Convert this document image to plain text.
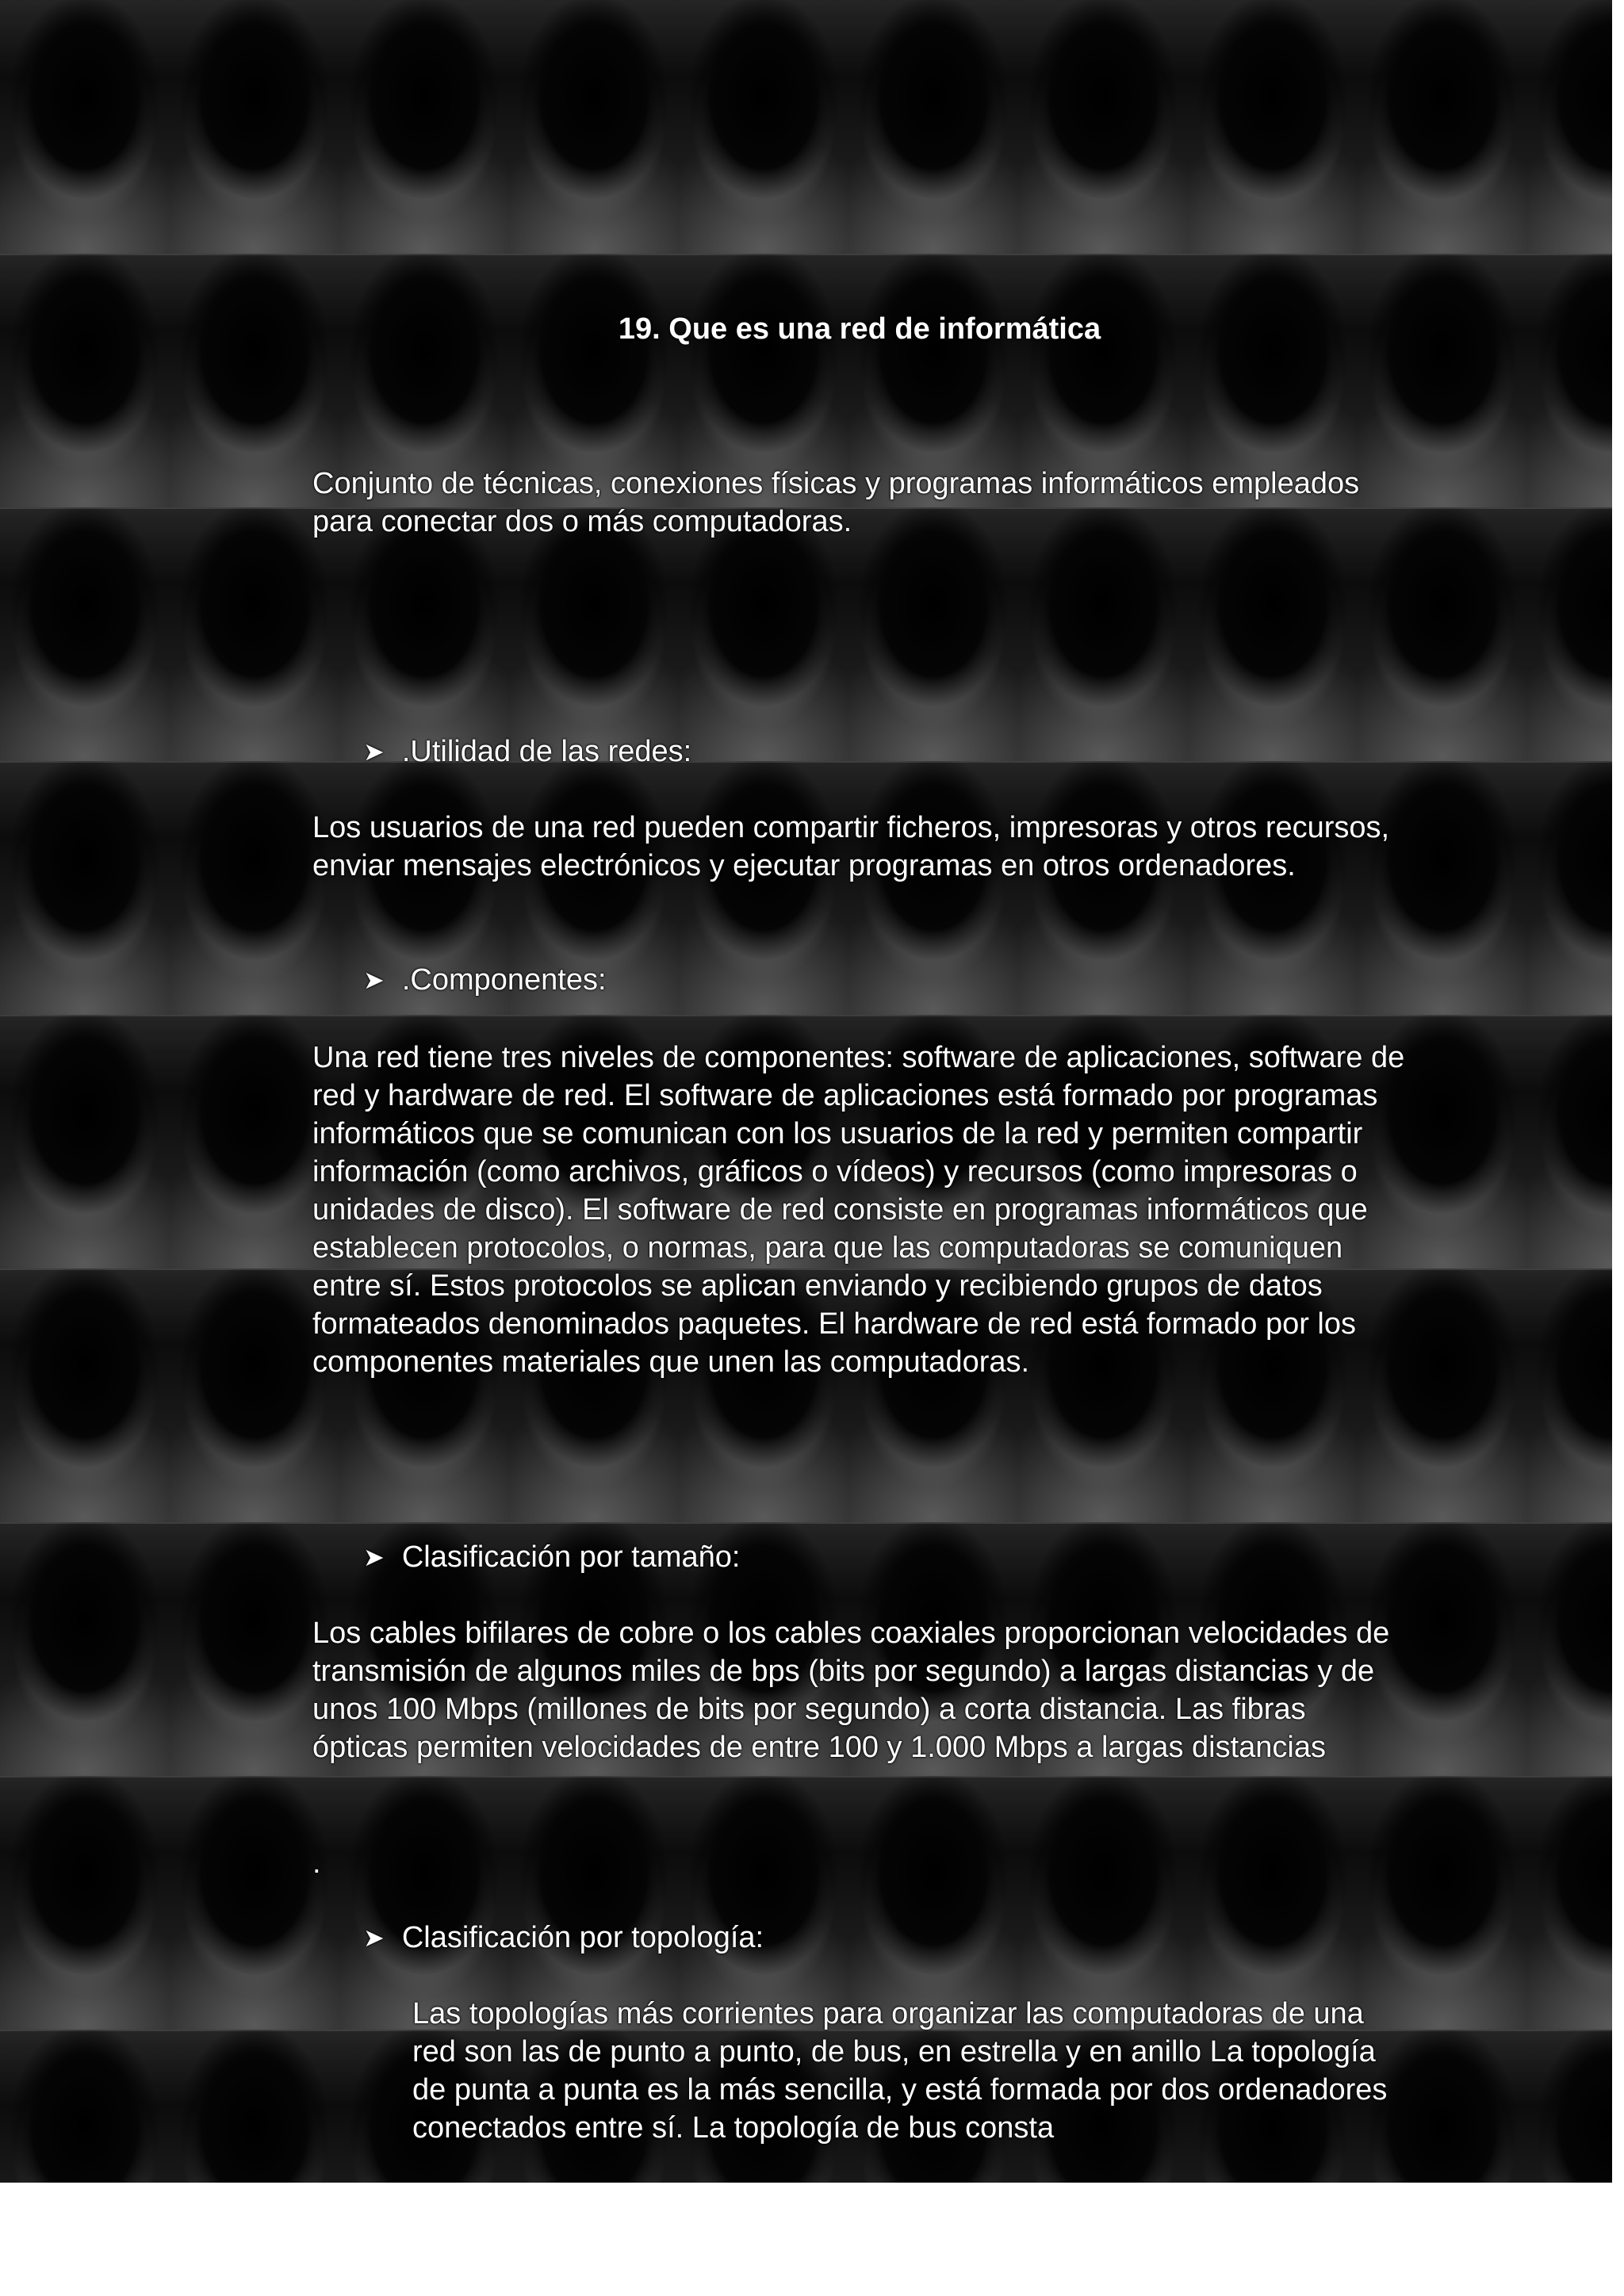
19. Que es una red de informática

Conjunto de técnicas, conexiones físicas y programas informáticos empleados para conectar dos o más computadoras.

➤ .Utilidad de las redes:

Los usuarios de una red pueden compartir ficheros, impresoras y otros recursos, enviar mensajes electrónicos y ejecutar programas en otros ordenadores.

➤ .Componentes:

Una red tiene tres niveles de componentes: software de aplicaciones, software de red y hardware de red. El software de aplicaciones está formado por programas informáticos que se comunican con los usuarios de la red y permiten compartir información (como archivos, gráficos o vídeos) y recursos (como impresoras o unidades de disco). El software de red consiste en programas informáticos que establecen protocolos, o normas, para que las computadoras se comuniquen entre sí. Estos protocolos se aplican enviando y recibiendo grupos de datos formateados denominados paquetes. El hardware de red está formado por los componentes materiales que unen las computadoras.

➤ Clasificación por tamaño:

Los cables bifilares de cobre o los cables coaxiales proporcionan velocidades de transmisión de algunos miles de bps (bits por segundo) a largas distancias y de unos 100 Mbps (millones de bits por segundo) a corta distancia. Las fibras ópticas permiten velocidades de entre 100 y 1.000 Mbps a largas distancias

.

➤ Clasificación por topología:

Las topologías más corrientes para organizar las computadoras de una red son las de punto a punto, de bus, en estrella y en anillo La topología de punta a punta es la más sencilla, y está formada por dos ordenadores conectados entre sí. La topología de bus consta
